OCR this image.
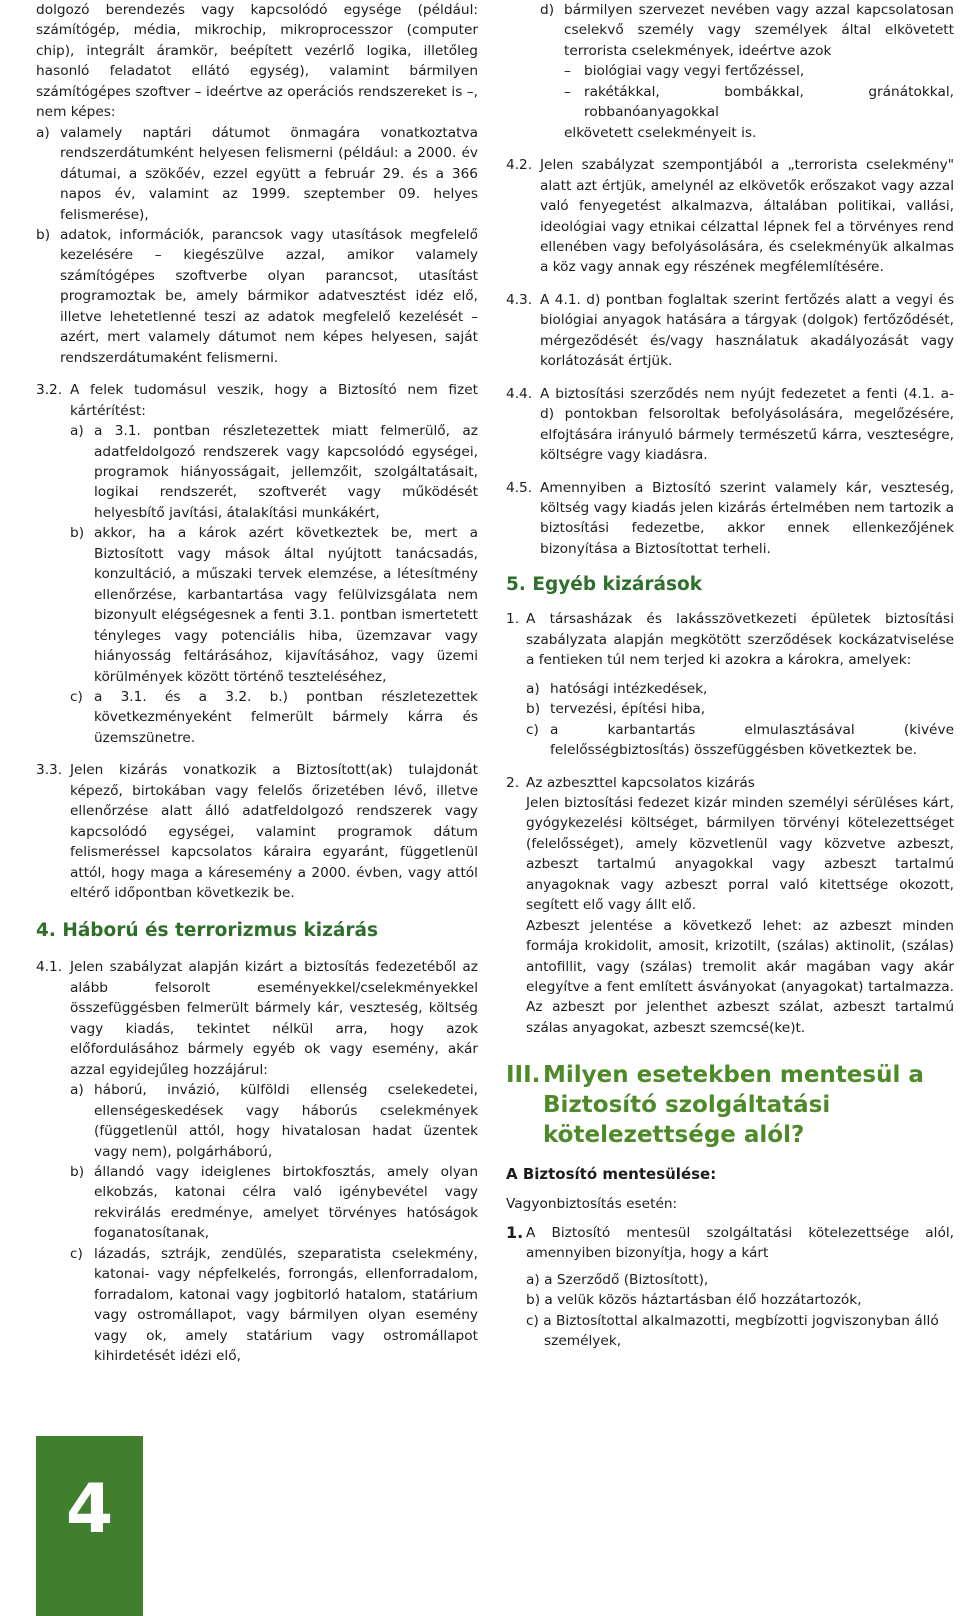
dolgozó berendezés vagy kapcsolódó egysége (például: számítógép, média, mikrochip, mikroprocesszor (computer chip), integrált áramkör, beépített vezérlő logika, illetőleg hasonló feladatot ellátó egység), valamint bármilyen számítógépes szoftver – ideértve az operációs rendszereket is –, nem képes:

a) valamely naptári dátumot önmagára vonatkoztatva rendszerdátumként helyesen felismerni (például: a 2000. év dátumai, a szökőév, ezzel együtt a február 29. és a 366 napos év, valamint az 1999. szeptember 09. helyes felismerése),
b) adatok, információk, parancsok vagy utasítások megfelelő kezelésére – kiegészülve azzal, amikor valamely számítógépes szoftverbe olyan parancsot, utasítást programoztak be, amely bármikor adatvesztést idéz elő, illetve lehetetlenné teszi az adatok megfelelő kezelését – azért, mert valamely dátumot nem képes helyesen, saját rendszerdátumaként felismerni.
3.2. A felek tudomásul veszik, hogy a Biztosító nem fizet kártérítést:

a) a 3.1. pontban részletezettek miatt felmerülő, az adatfeldolgozó rendszerek vagy kapcsolódó egységei, programok hiányosságait, jellemzőit, szolgáltatásait, logikai rendszerét, szoftverét vagy működését helyesbítő javítási, átalakítási munkákért,
b) akkor, ha a károk azért következtek be, mert a Biztosított vagy mások által nyújtott tanácsadás, konzultáció, a műszaki tervek elemzése, a létesítmény ellenőrzése, karbantartása vagy felülvizsgálata nem bizonyult elégségesnek a fenti 3.1. pontban ismertetett tényleges vagy potenciális hiba, üzemzavar vagy hiányosság feltárásához, kijavításához, vagy üzemi körülmények között történő teszteléséhez,
c) a 3.1. és a 3.2. b.) pontban részletezettek következményeként felmerült bármely kárra és üzemszünetre.
3.3. Jelen kizárás vonatkozik a Biztosított(ak) tulajdonát képező, birtokában vagy felelős őrizetében lévő, illetve ellenőrzése alatt álló adatfeldolgozó rendszerek vagy kapcsolódó egységei, valamint programok dátum felismeréssel kapcsolatos káraira egyaránt, függetlenül attól, hogy maga a káresemény a 2000. évben, vagy attól eltérő időpontban következik be.

4. Háború és terrorizmus kizárás
4.1. Jelen szabályzat alapján kizárt a biztosítás fedezetéből az alább felsorolt eseményekkel/cselekményekkel összefüggésben felmerült bármely kár, veszteség, költség vagy kiadás, tekintet nélkül arra, hogy azok előfordulásához bármely egyéb ok vagy esemény, akár azzal egyidejűleg hozzájárul:

a) háború, invázió, külföldi ellenség cselekedetei, ellenségeskedések vagy háborús cselekmények (függetlenül attól, hogy hivatalosan hadat üzentek vagy nem), polgárháború,
b) állandó vagy ideiglenes birtokfosztás, amely olyan elkobzás, katonai célra való igénybevétel vagy rekvirálás eredménye, amelyet törvényes hatóságok foganatosítanak,
c) lázadás, sztrájk, zendülés, szeparatista cselekmény, katonai- vagy népfelkelés, forrongás, ellenforradalom, forradalom, katonai vagy jogbitorló hatalom, statárium vagy ostromállapot, vagy bármilyen olyan esemény vagy ok, amely statárium vagy ostromállapot kihirdetését idézi elő,
d) bármilyen szervezet nevében vagy azzal kapcsolatosan cselekvő személy vagy személyek által elkövetett terrorista cselekmények, ideértve azok

– biológiai vagy vegyi fertőzéssel,
– rakétákkal, bombákkal, gránátokkal, robbanóanyagokkal

elkövetett cselekményeit is.

4.2. Jelen szabályzat szempontjából a „terrorista cselekmény" alatt azt értjük, amelynél az elkövetők erőszakot vagy azzal való fenyegetést alkalmazva, általában politikai, vallási, ideológiai vagy etnikai célzattal lépnek fel a törvényes rend ellenében vagy befolyásolására, és cselekményük alkalmas a köz vagy annak egy részének megfélemlítésére.

4.3. A 4.1. d) pontban foglaltak szerint fertőzés alatt a vegyi és biológiai anyagok hatására a tárgyak (dolgok) fertőződését, mérgeződését és/vagy használatuk akadályozását vagy korlátozását értjük.

4.4. A biztosítási szerződés nem nyújt fedezetet a fenti (4.1. a-d) pontokban felsoroltak befolyásolására, megelőzésére, elfojtására irányuló bármely természetű kárra, veszteségre, költségre vagy kiadásra.

4.5. Amennyiben a Biztosító szerint valamely kár, veszteség, költség vagy kiadás jelen kizárás értelmében nem tartozik a biztosítási fedezetbe, akkor ennek ellenkezőjének bizonyítása a Biztosítottat terheli.

5. Egyéb kizárások
1. A társasházak és lakásszövetkezeti épületek biztosítási szabályzata alapján megkötött szerződések kockázatviselése a fentieken túl nem terjed ki azokra a károkra, amelyek:

a) hatósági intézkedések,
b) tervezési, építési hiba,
c) a karbantartás elmulasztásával (kivéve felelősségbiztosítás) összefüggésben következtek be.
2. Az azbeszttel kapcsolatos kizárás

Jelen biztosítási fedezet kizár minden személyi sérüléses kárt, gyógykezelési költséget, bármilyen törvényi kötelezettséget (felelősséget), amely közvetlenül vagy közvetve azbeszt, azbeszt tartalmú anyagokkal vagy azbeszt tartalmú anyagoknak vagy azbeszt porral való kitettsége okozott, segített elő vagy állt elő.

Azbeszt jelentése a következő lehet: az azbeszt minden formája krokidolit, amosit, krizotilt, (szálas) aktinolit, (szálas) antofillit, vagy (szálas) tremolit akár magában vagy akár elegyítve a fent említett ásványokat (anyagokat) tartalmazza. Az azbeszt por jelenthet azbeszt szálat, azbeszt tartalmú szálas anyagokat, azbeszt szemcsé(ke)t.

III. Milyen esetekben mentesül a Biztosító szolgáltatási kötelezettsége alól?
A Biztosító mentesülése:

Vagyonbiztosítás esetén:

1. A Biztosító mentesül szolgáltatási kötelezettsége alól, amennyiben bizonyítja, hogy a kárt

a) a Szerződő (Biztosított),

b) a velük közös háztartásban élő hozzátartozók,

c) a Biztosítottal alkalmazotti, megbízotti jogviszonyban álló személyek,

4
